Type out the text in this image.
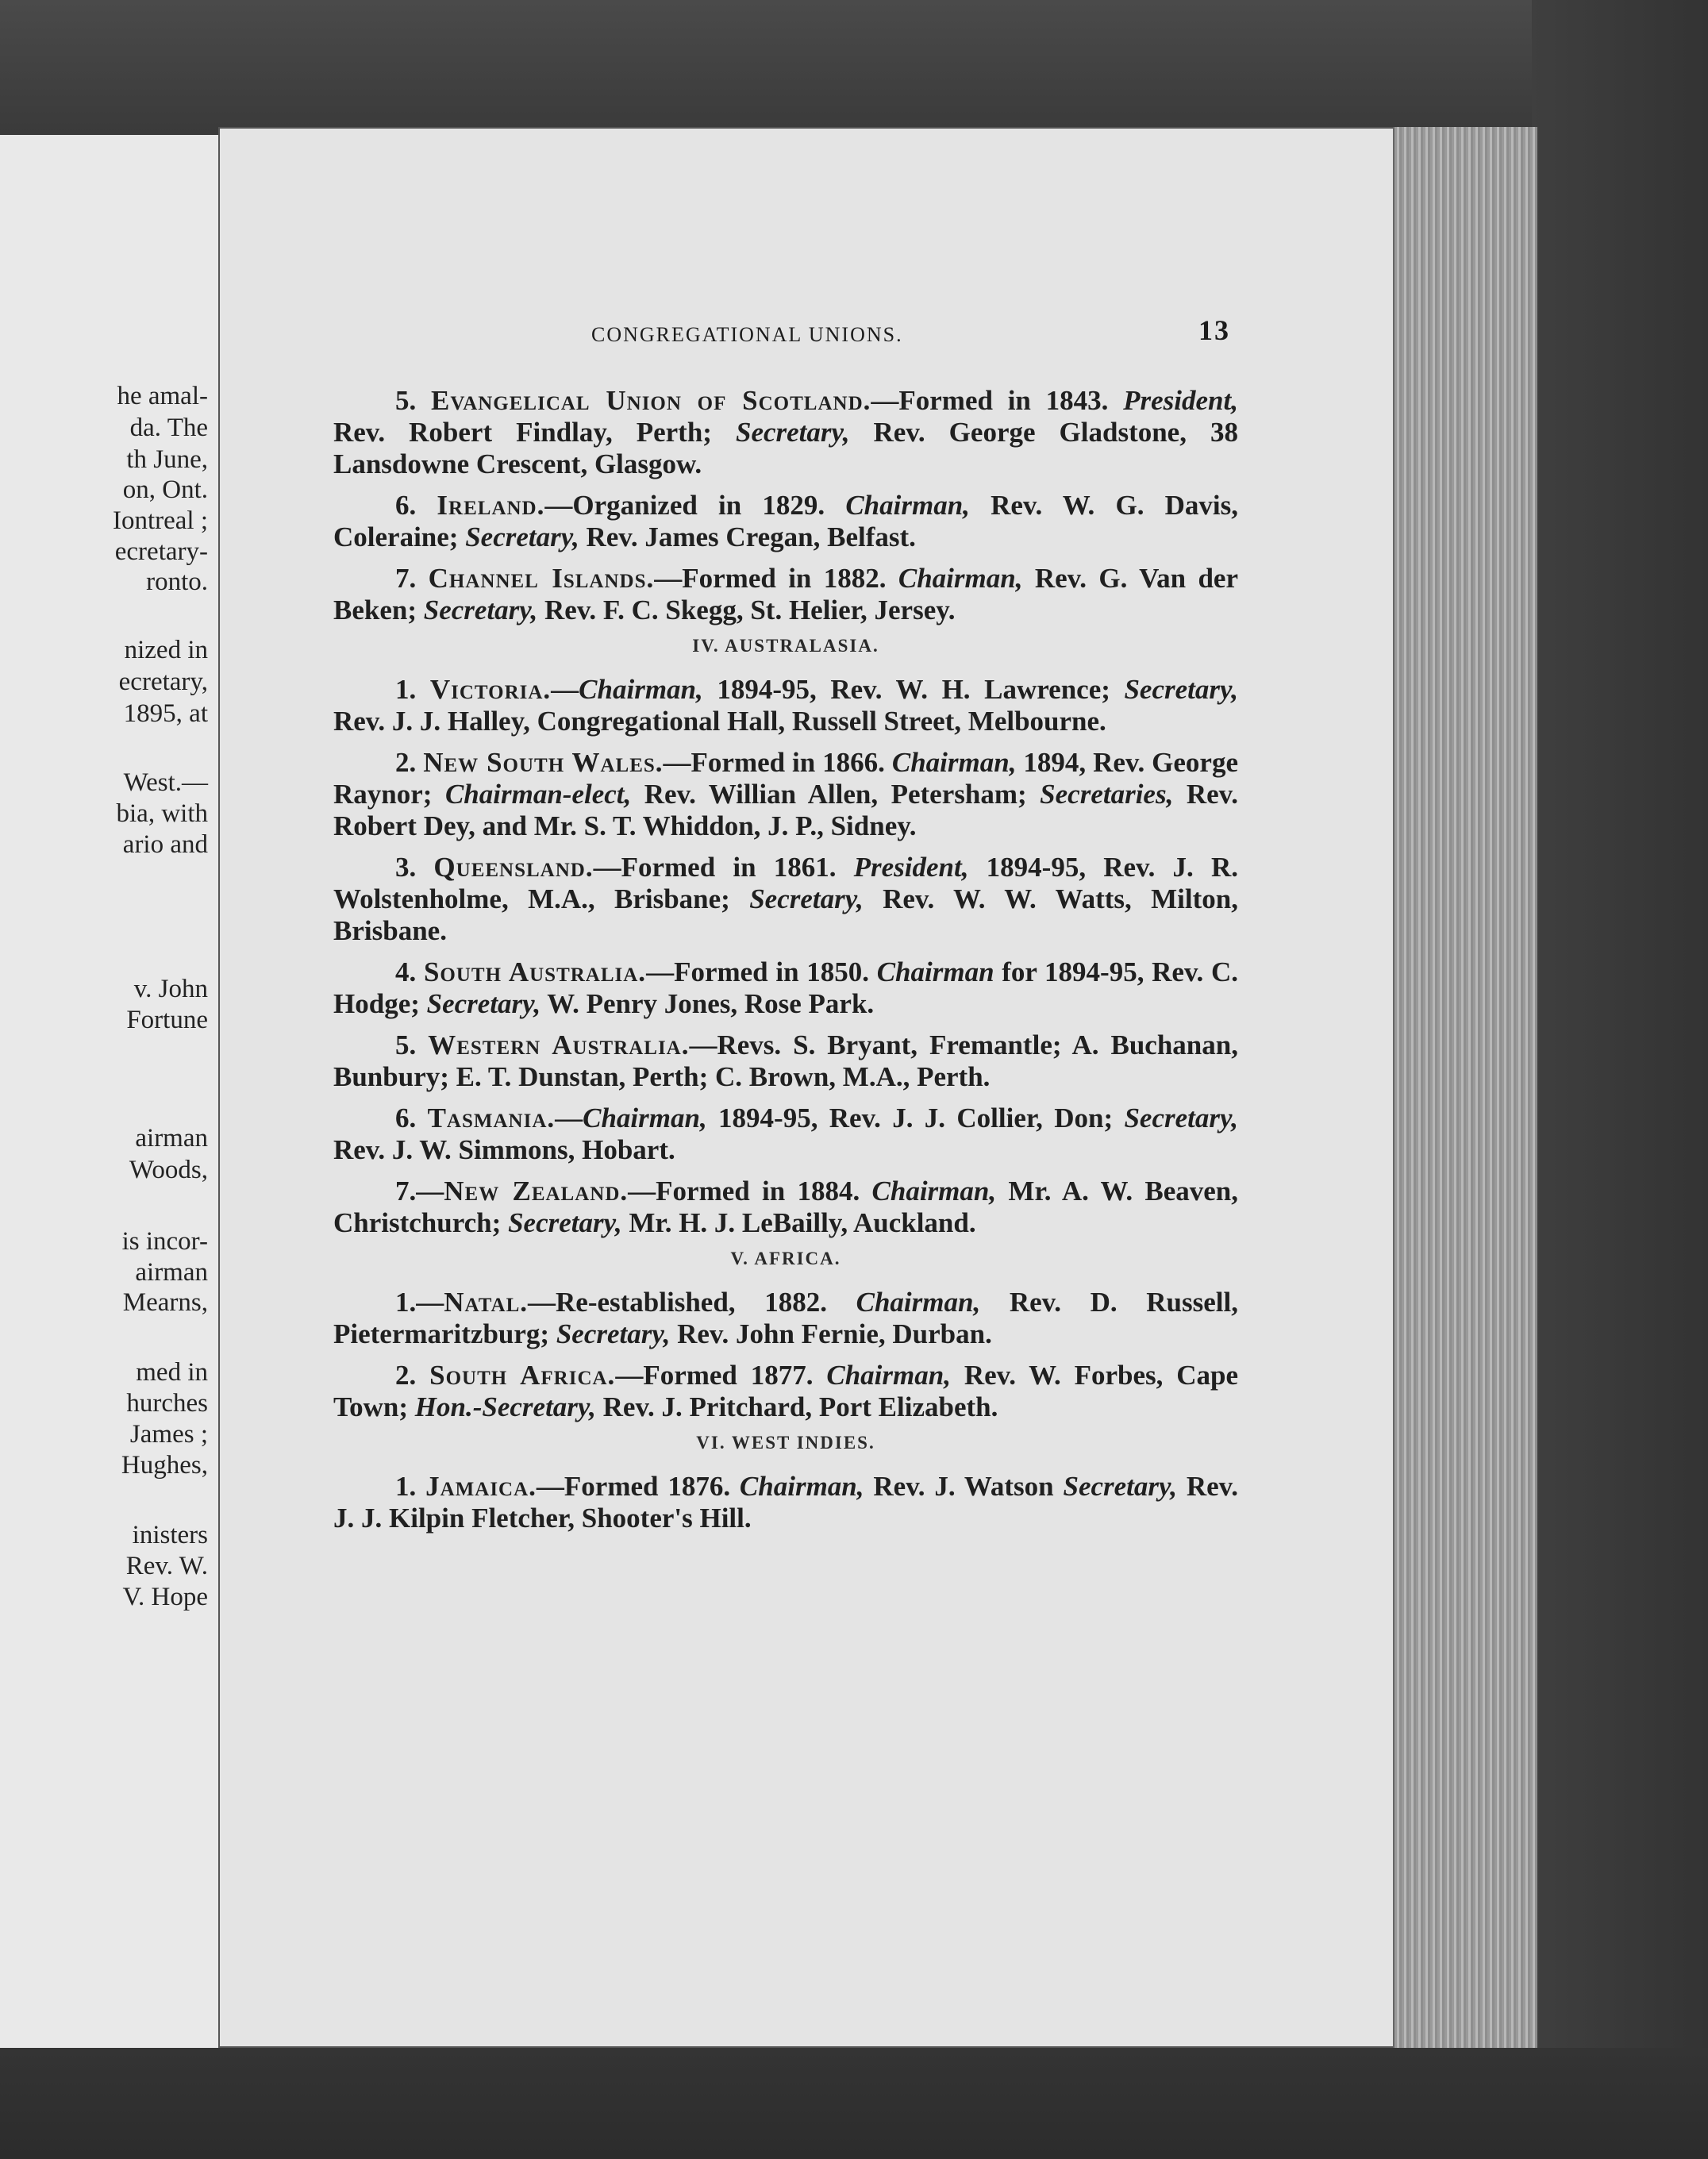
he amal-
da. The
th June,
on, Ont.
Iontreal ;
ecretary-
ronto.
nized in
ecretary,
1895, at
West.—
bia, with
ario and
v. John
Fortune
airman
Woods,
is incor-
airman
Mearns,
med in
hurches
James ;
Hughes,
inisters
Rev. W.
V. Hope
CONGREGATIONAL UNIONS.	13

5. Evangelical Union of Scotland.—Formed in 1843. President, Rev. Robert Findlay, Perth; Secretary, Rev. George Gladstone, 38 Lansdowne Crescent, Glasgow.

6. Ireland.—Organized in 1829. Chairman, Rev. W. G. Davis, Coleraine; Secretary, Rev. James Cregan, Belfast.

7. Channel Islands.—Formed in 1882. Chairman, Rev. G. Van der Beken; Secretary, Rev. F. C. Skegg, St. Helier, Jersey.

IV. AUSTRALASIA.

1. Victoria.—Chairman, 1894-95, Rev. W. H. Lawrence; Secretary, Rev. J. J. Halley, Congregational Hall, Russell Street, Melbourne.

2. New South Wales.—Formed in 1866. Chairman, 1894, Rev. George Raynor; Chairman-elect, Rev. Willian Allen, Petersham; Secretaries, Rev. Robert Dey, and Mr. S. T. Whiddon, J. P., Sidney.

3. Queensland.—Formed in 1861. President, 1894-95, Rev. J. R. Wolstenholme, M.A., Brisbane; Secretary, Rev. W. W. Watts, Milton, Brisbane.

4. South Australia.—Formed in 1850. Chairman for 1894-95, Rev. C. Hodge; Secretary, W. Penry Jones, Rose Park.

5. Western Australia.—Revs. S. Bryant, Fremantle; A. Buchanan, Bunbury; E. T. Dunstan, Perth; C. Brown, M.A., Perth.

6. Tasmania.—Chairman, 1894-95, Rev. J. J. Collier, Don; Secretary, Rev. J. W. Simmons, Hobart.

7.—New Zealand.—Formed in 1884. Chairman, Mr. A. W. Beaven, Christchurch; Secretary, Mr. H. J. LeBailly, Auckland.

V. AFRICA.

1.—Natal.—Re-established, 1882. Chairman, Rev. D. Russell, Pietermaritzburg; Secretary, Rev. John Fernie, Durban.

2. South Africa.—Formed 1877. Chairman, Rev. W. Forbes, Cape Town; Hon.-Secretary, Rev. J. Pritchard, Port Elizabeth.

VI. WEST INDIES.

1. Jamaica.—Formed 1876. Chairman, Rev. J. Watson Secretary, Rev. J. J. Kilpin Fletcher, Shooter's Hill.
